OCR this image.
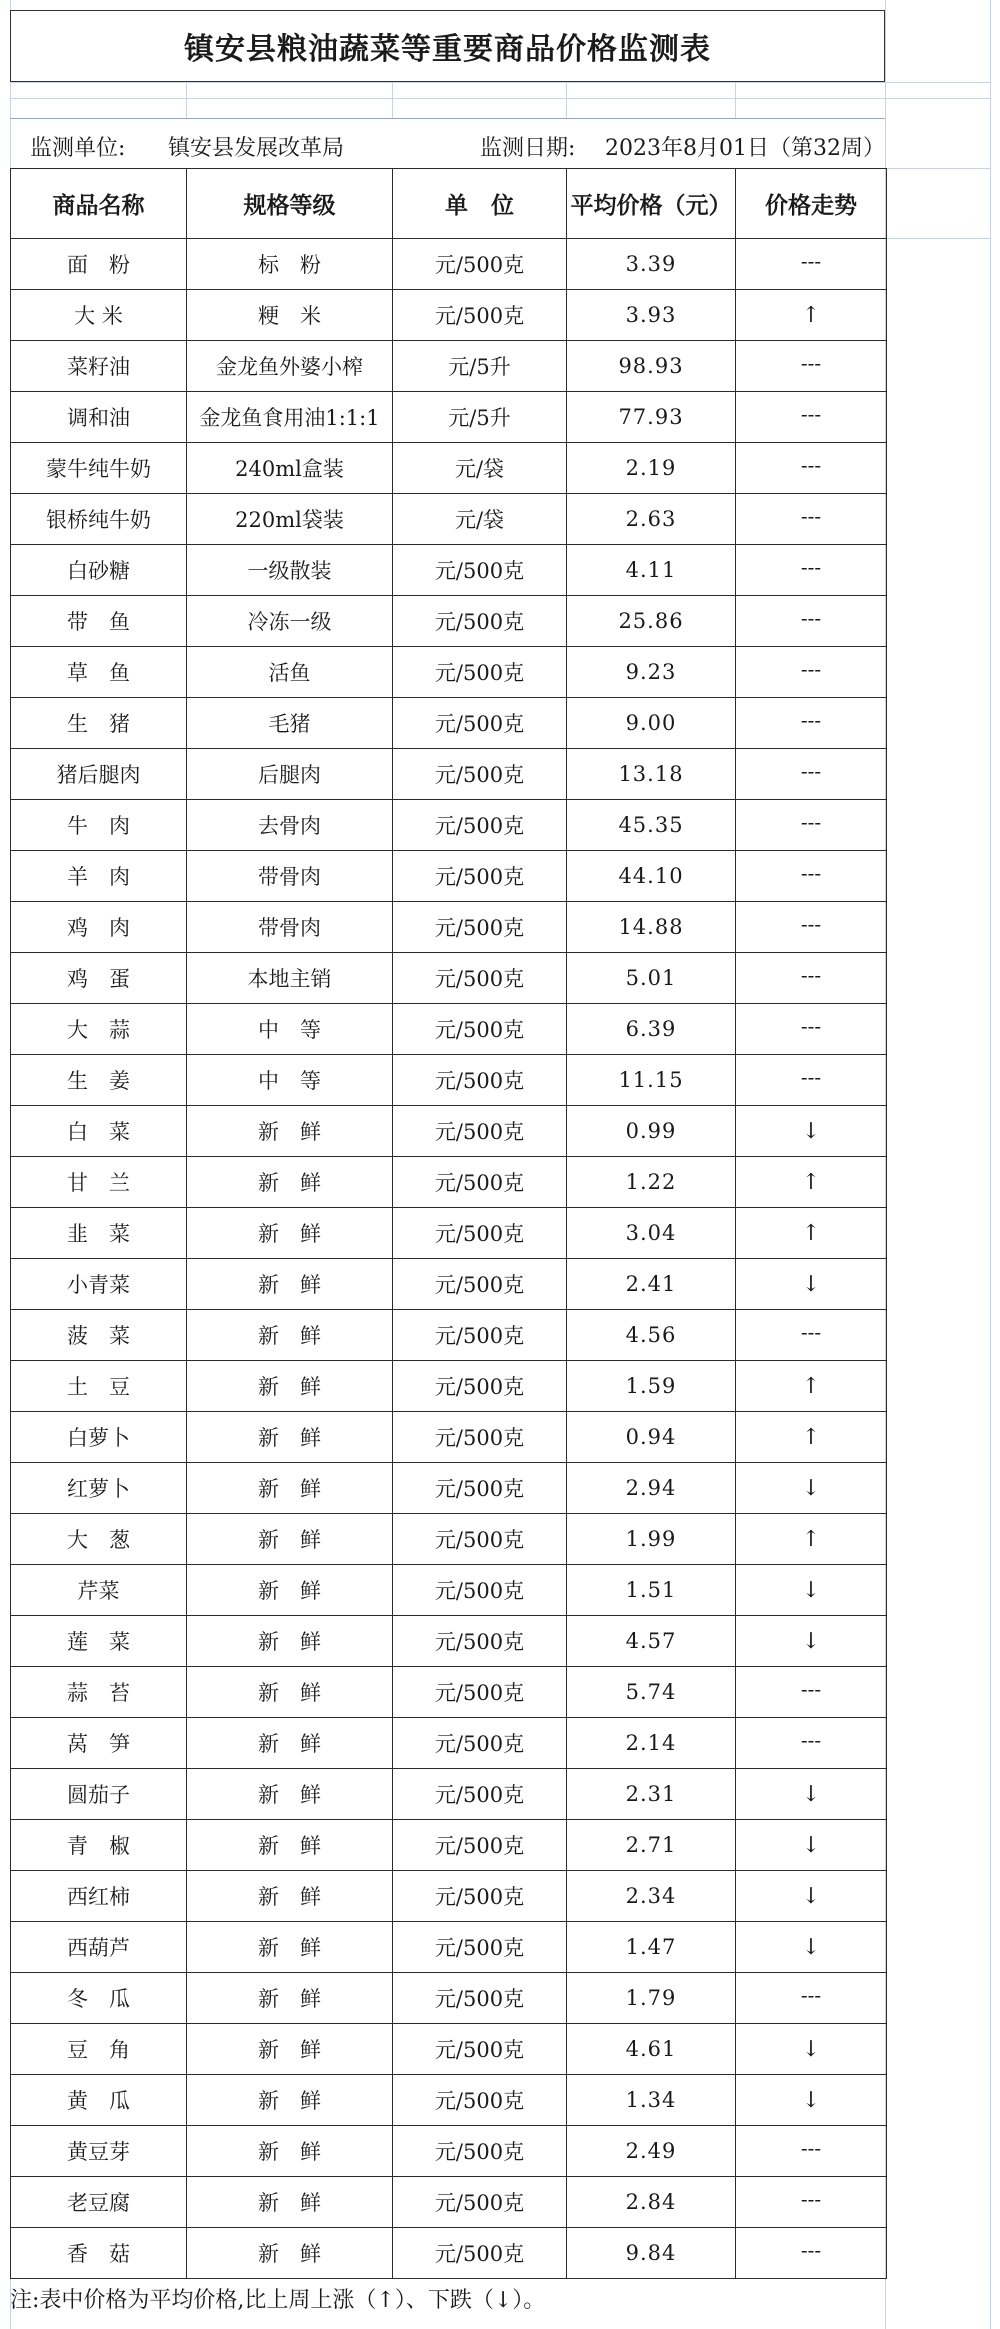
镇安县粮油蔬菜等重要商品价格监测表
监测单位: 镇安县发展改革局	监测日期: 2023年8月01日（第32周）
商品名称	规格等级	单　位	平均价格（元）	价格走势
面　粉	标　粉	元/500克	3.39	---
大 米	粳　米	元/500克	3.93	↑
菜籽油	金龙鱼外婆小榨	元/5升	98.93	---
调和油	金龙鱼食用油1:1:1	元/5升	77.93	---
蒙牛纯牛奶	240ml盒装	元/袋	2.19	---
银桥纯牛奶	220ml袋装	元/袋	2.63	---
白砂糖	一级散装	元/500克	4.11	---
带　鱼	冷冻一级	元/500克	25.86	---
草　鱼	活鱼	元/500克	9.23	---
生　猪	毛猪	元/500克	9.00	---
猪后腿肉	后腿肉	元/500克	13.18	---
牛　肉	去骨肉	元/500克	45.35	---
羊　肉	带骨肉	元/500克	44.10	---
鸡　肉	带骨肉	元/500克	14.88	---
鸡　蛋	本地主销	元/500克	5.01	---
大　蒜	中　等	元/500克	6.39	---
生　姜	中　等	元/500克	11.15	---
白　菜	新　鲜	元/500克	0.99	↓
甘　兰	新　鲜	元/500克	1.22	↑
韭　菜	新　鲜	元/500克	3.04	↑
小青菜	新　鲜	元/500克	2.41	↓
菠　菜	新　鲜	元/500克	4.56	---
土　豆	新　鲜	元/500克	1.59	↑
白萝卜	新　鲜	元/500克	0.94	↑
红萝卜	新　鲜	元/500克	2.94	↓
大　葱	新　鲜	元/500克	1.99	↑
芹菜	新　鲜	元/500克	1.51	↓
莲　菜	新　鲜	元/500克	4.57	↓
蒜　苔	新　鲜	元/500克	5.74	---
莴　笋	新　鲜	元/500克	2.14	---
圆茄子	新　鲜	元/500克	2.31	↓
青　椒	新　鲜	元/500克	2.71	↓
西红柿	新　鲜	元/500克	2.34	↓
西葫芦	新　鲜	元/500克	1.47	↓
冬　瓜	新　鲜	元/500克	1.79	---
豆　角	新　鲜	元/500克	4.61	↓
黄　瓜	新　鲜	元/500克	1.34	↓
黄豆芽	新　鲜	元/500克	2.49	---
老豆腐	新　鲜	元/500克	2.84	---
香　菇	新　鲜	元/500克	9.84	---
注:表中价格为平均价格,比上周上涨（↑）、下跌（↓）。
